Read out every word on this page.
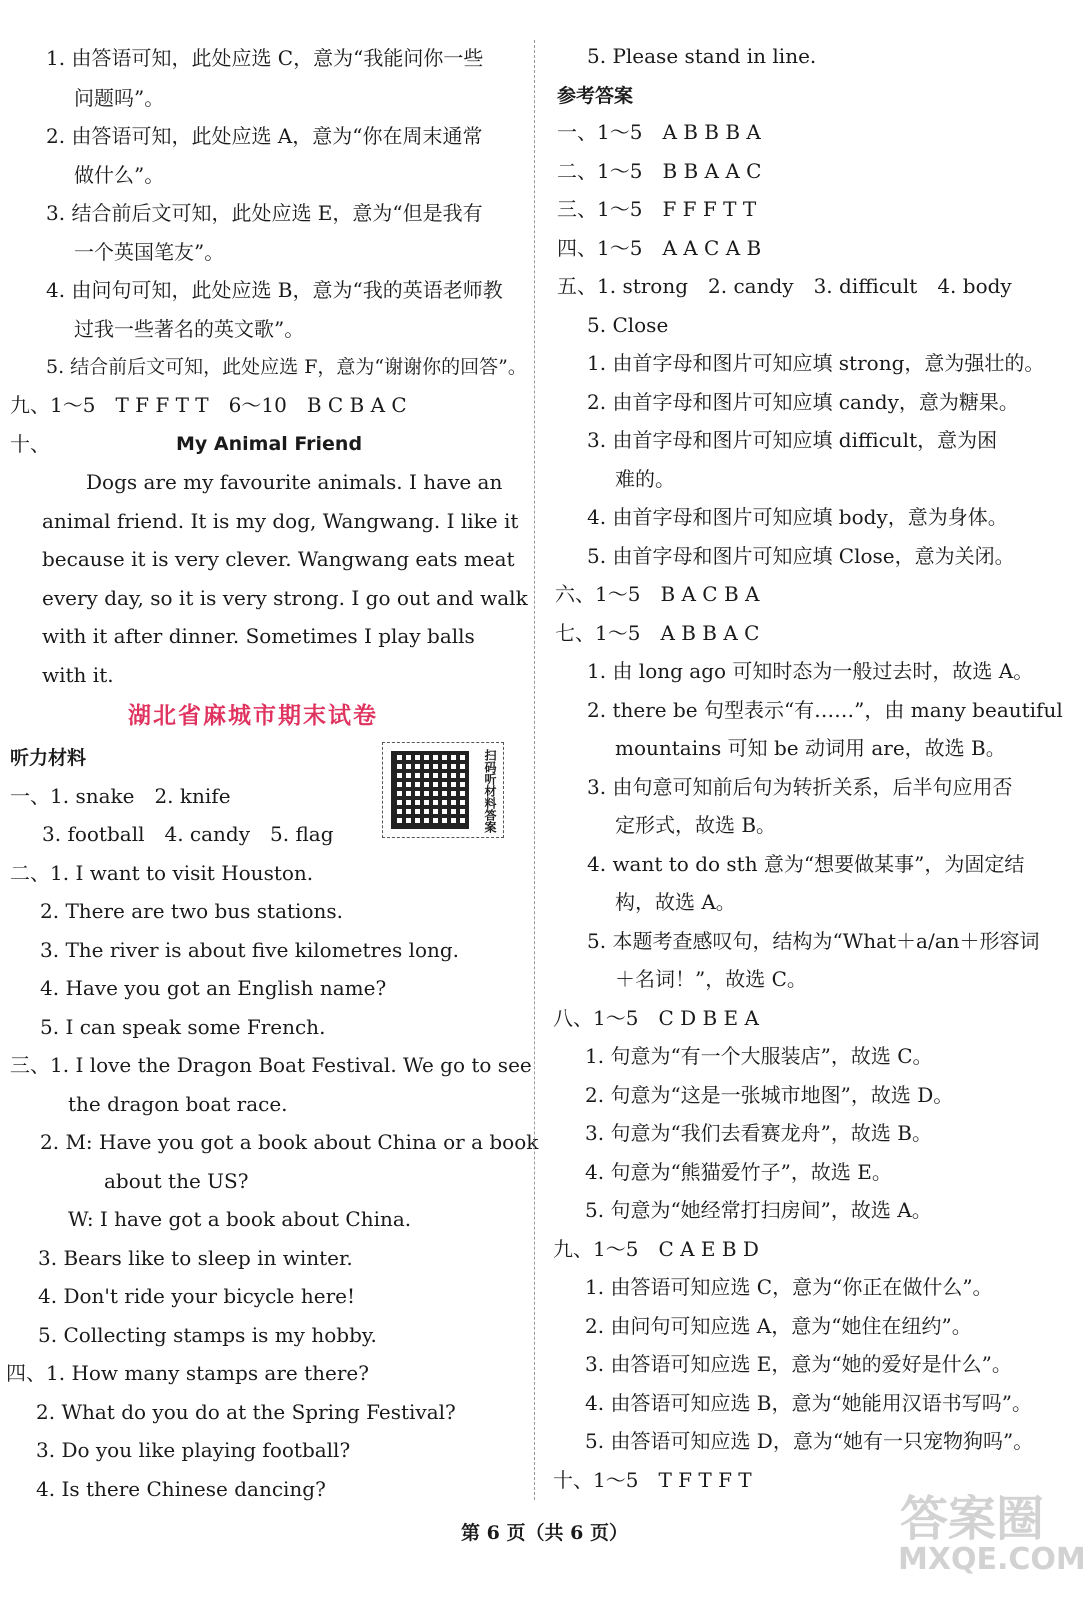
1. 由答语可知，此处应选 C，意为“我能问你一些
问题吗”。
2. 由答语可知，此处应选 A，意为“你在周末通常
做什么”。
3. 结合前后文可知，此处应选 E，意为“但是我有
一个英国笔友”。
4. 由问句可知，此处应选 B，意为“我的英语老师教
过我一些著名的英文歌”。
5. 结合前后文可知，此处应选 F，意为“谢谢你的回答”。
九、1～5　T F F T T　6～10　B C B A C
十、	My Animal Friend
Dogs are my favourite animals. I have an
animal friend. It is my dog, Wangwang. I like it
because it is very clever. Wangwang eats meat
every day, so it is very strong. I go out and walk
with it after dinner. Sometimes I play balls
with it.
湖北省麻城市期末试卷
听力材料	扫码听材料答案
一、1. snake　2. knife
3. football　4. candy　5. flag
二、1. I want to visit Houston.
2. There are two bus stations.
3. The river is about five kilometres long.
4. Have you got an English name?
5. I can speak some French.
三、1. I love the Dragon Boat Festival. We go to see
the dragon boat race.
2. M: Have you got a book about China or a book
about the US?
W: I have got a book about China.
3. Bears like to sleep in winter.
4. Don't ride your bicycle here!
5. Collecting stamps is my hobby.
四、1. How many stamps are there?
2. What do you do at the Spring Festival?
3. Do you like playing football?
4. Is there Chinese dancing?
5. Please stand in line.
参考答案
一、1～5　A B B B A
二、1～5　B B A A C
三、1～5　F F F T T
四、1～5　A A C A B
五、1. strong　2. candy　3. difficult　4. body
5. Close
1. 由首字母和图片可知应填 strong，意为强壮的。
2. 由首字母和图片可知应填 candy，意为糖果。
3. 由首字母和图片可知应填 difficult，意为困
难的。
4. 由首字母和图片可知应填 body，意为身体。
5. 由首字母和图片可知应填 Close，意为关闭。
六、1～5　B A C B A
七、1～5　A B B A C
1. 由 long ago 可知时态为一般过去时，故选 A。
2. there be 句型表示“有……”，由 many beautiful
mountains 可知 be 动词用 are，故选 B。
3. 由句意可知前后句为转折关系，后半句应用否
定形式，故选 B。
4. want to do sth 意为“想要做某事”，为固定结
构，故选 A。
5. 本题考查感叹句，结构为“What＋a/an＋形容词
＋名词！”，故选 C。
八、1～5　C D B E A
1. 句意为“有一个大服装店”，故选 C。
2. 句意为“这是一张城市地图”，故选 D。
3. 句意为“我们去看赛龙舟”，故选 B。
4. 句意为“熊猫爱竹子”，故选 E。
5. 句意为“她经常打扫房间”，故选 A。
九、1～5　C A E B D
1. 由答语可知应选 C，意为“你正在做什么”。
2. 由问句可知应选 A，意为“她住在纽约”。
3. 由答语可知应选 E，意为“她的爱好是什么”。
4. 由答语可知应选 B，意为“她能用汉语书写吗”。
5. 由答语可知应选 D，意为“她有一只宠物狗吗”。
十、1～5　T F T F T
第 6 页（共 6 页）	答案圈
MXQE.COM
